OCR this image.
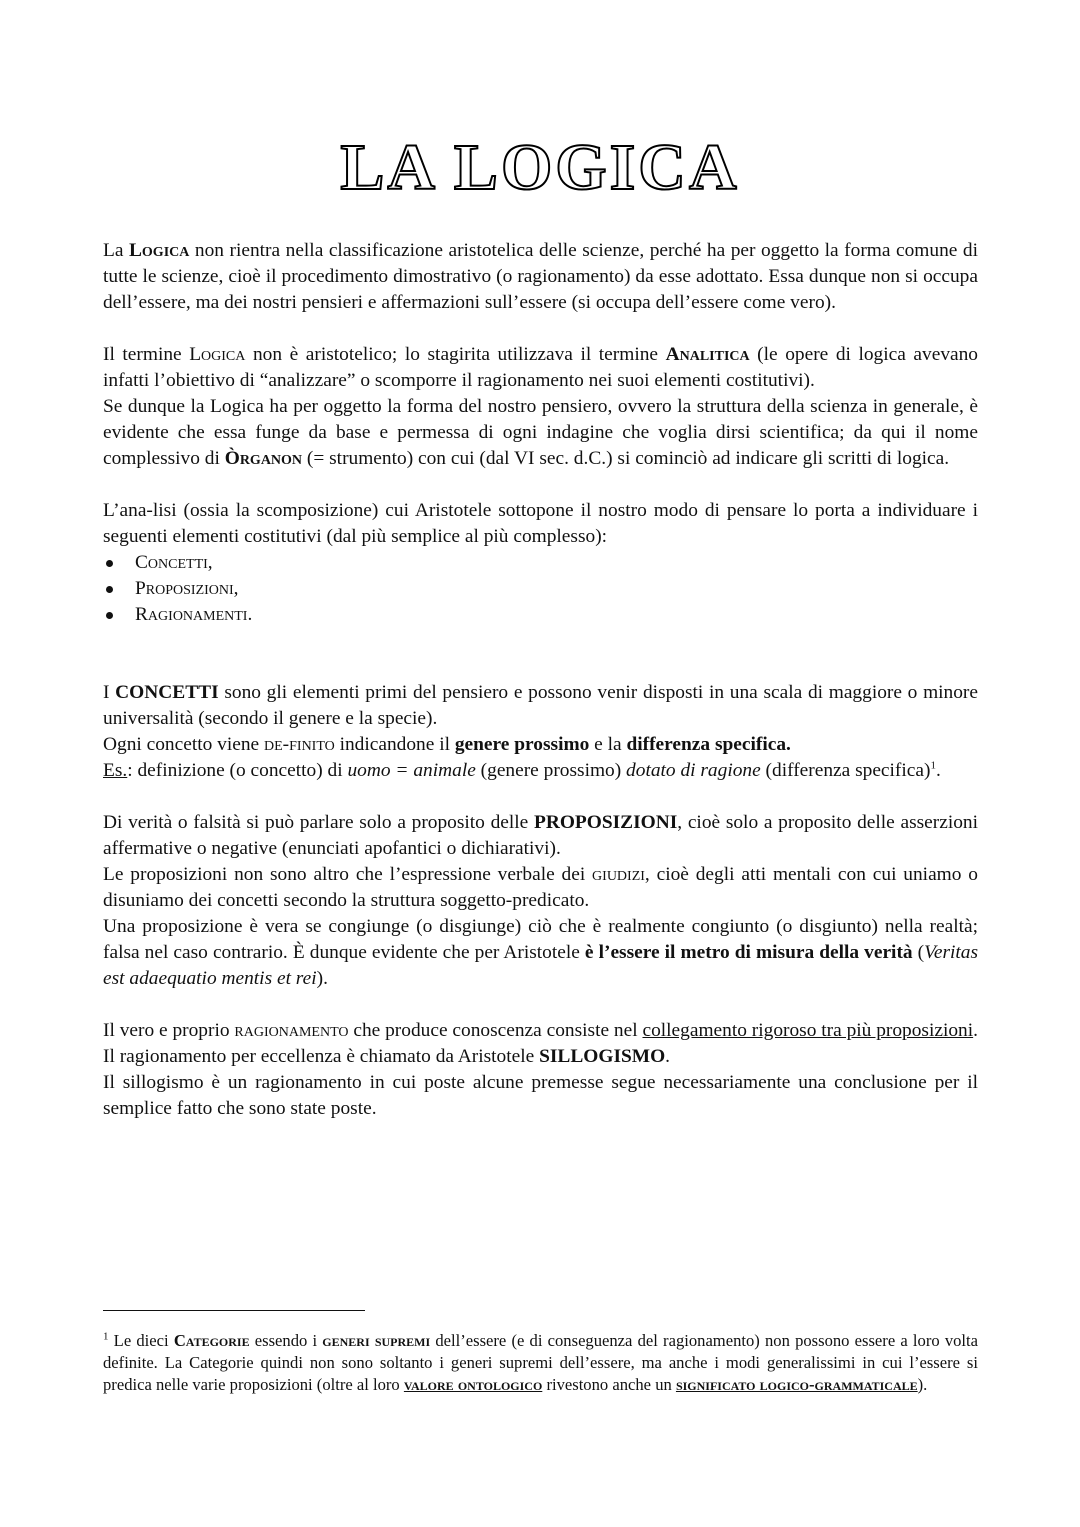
LA LOGICA

La Logica non rientra nella classificazione aristotelica delle scienze, perché ha per oggetto la forma comune di tutte le scienze, cioè il procedimento dimostrativo (o ragionamento) da esse adottato. Essa dunque non si occupa dell’essere, ma dei nostri pensieri e affermazioni sull’essere (si occupa dell’essere come vero).

Il termine Logica non è aristotelico; lo stagirita utilizzava il termine Analitica (le opere di logica avevano infatti l’obiettivo di “analizzare” o scomporre il ragionamento nei suoi elementi costitutivi).

Se dunque la Logica ha per oggetto la forma del nostro pensiero, ovvero la struttura della scienza in generale, è evidente che essa funge da base e permessa di ogni indagine che voglia dirsi scientifica; da qui il nome complessivo di Òrganon (= strumento) con cui (dal VI sec. d.C.) si cominciò ad indicare gli scritti di logica.

L’ana-lisi (ossia la scomposizione) cui Aristotele sottopone il nostro modo di pensare lo porta a individuare i seguenti elementi costitutivi (dal più semplice al più complesso):

Concetti,
Proposizioni,
Ragionamenti.

I CONCETTI sono gli elementi primi del pensiero e possono venir disposti in una scala di maggiore o minore universalità (secondo il genere e la specie).

Ogni concetto viene de-finito indicandone il genere prossimo e la differenza specifica.

Es.: definizione (o concetto) di uomo = animale (genere prossimo) dotato di ragione (differenza specifica)$^1$.

Di verità o falsità si può parlare solo a proposito delle PROPOSIZIONI, cioè solo a proposito delle asserzioni affermative o negative (enunciati apofantici o dichiarativi).

Le proposizioni non sono altro che l’espressione verbale dei giudizi, cioè degli atti mentali con cui uniamo o disuniamo dei concetti secondo la struttura soggetto-predicato.

Una proposizione è vera se congiunge (o disgiunge) ciò che è realmente congiunto (o disgiunto) nella realtà; falsa nel caso contrario. È dunque evidente che per Aristotele è l’essere il metro di misura della verità (Veritas est adaequatio mentis et rei).

Il vero e proprio ragionamento che produce conoscenza consiste nel collegamento rigoroso tra più proposizioni. Il ragionamento per eccellenza è chiamato da Aristotele SILLOGISMO.

Il sillogismo è un ragionamento in cui poste alcune premesse segue necessariamente una conclusione per il semplice fatto che sono state poste.

$^1$ Le dieci Categorie essendo i generi supremi dell’essere (e di conseguenza del ragionamento) non possono essere a loro volta definite. La Categorie quindi non sono soltanto i generi supremi dell’essere, ma anche i modi generalissimi in cui l’essere si predica nelle varie proposizioni (oltre al loro valore ontologico rivestono anche un significato logico-grammaticale).
